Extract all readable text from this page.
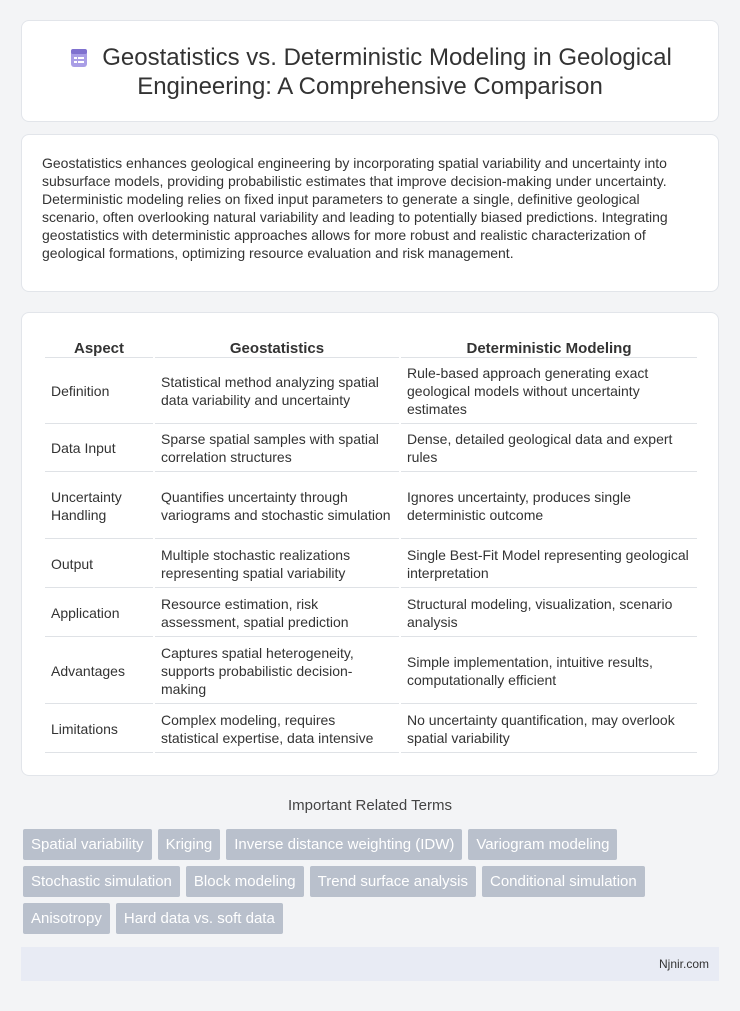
Geostatistics vs. Deterministic Modeling in Geological Engineering: A Comprehensive Comparison

Geostatistics enhances geological engineering by incorporating spatial variability and uncertainty into subsurface models, providing probabilistic estimates that improve decision-making under uncertainty. Deterministic modeling relies on fixed input parameters to generate a single, definitive geological scenario, often overlooking natural variability and leading to potentially biased predictions. Integrating geostatistics with deterministic approaches allows for more robust and realistic characterization of geological formations, optimizing resource evaluation and risk management.

Aspect	Geostatistics	Deterministic Modeling
Definition	Statistical method analyzing spatial data variability and uncertainty	Rule-based approach generating exact geological models without uncertainty estimates
Data Input	Sparse spatial samples with spatial correlation structures	Dense, detailed geological data and expert rules
Uncertainty Handling	Quantifies uncertainty through variograms and stochastic simulation	Ignores uncertainty, produces single deterministic outcome
Output	Multiple stochastic realizations representing spatial variability	Single Best-Fit Model representing geological interpretation
Application	Resource estimation, risk assessment, spatial prediction	Structural modeling, visualization, scenario analysis
Advantages	Captures spatial heterogeneity, supports probabilistic decision-making	Simple implementation, intuitive results, computationally efficient
Limitations	Complex modeling, requires statistical expertise, data intensive	No uncertainty quantification, may overlook spatial variability
Important Related Terms
Spatial variability	Kriging	Inverse distance weighting (IDW)	Variogram modeling
Stochastic simulation	Block modeling	Trend surface analysis	Conditional simulation
Anisotropy	Hard data vs. soft data
Njnir.com
